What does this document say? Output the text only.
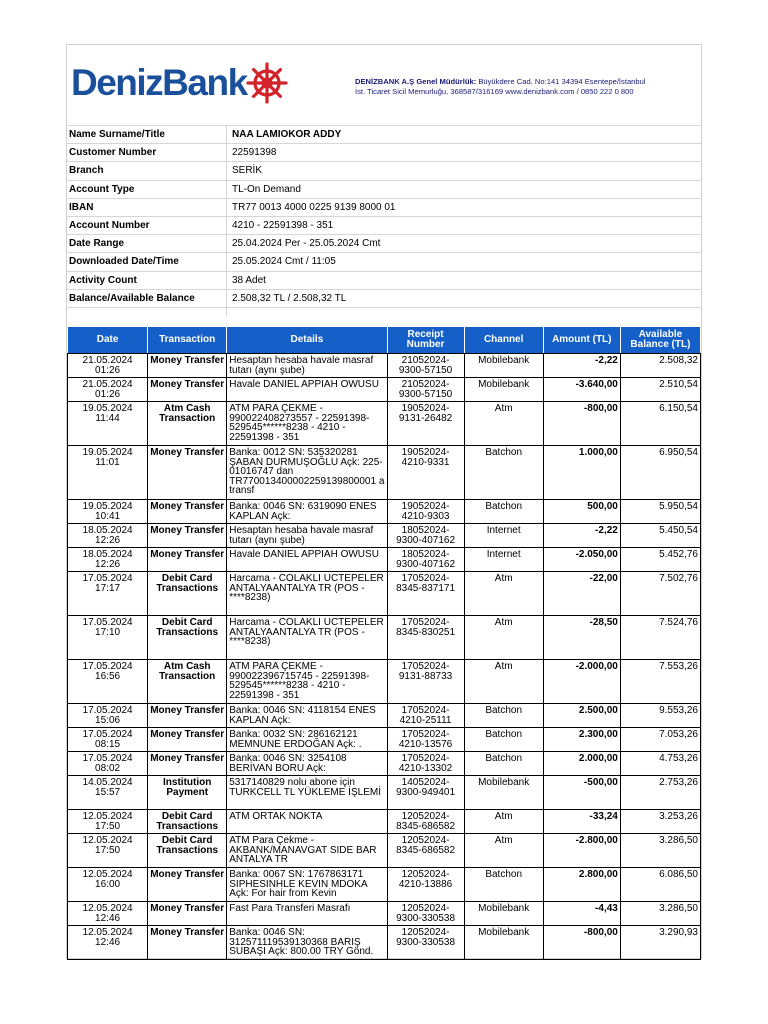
DenizBank	DENİZBANK A.Ş Genel Müdürlük: Büyükdere Cad. No:141 34394 Esentepe/İstanbul
İst. Ticaret Sicil Memurluğu, 368587/316169 www.denizbank.com / 0850 222 0 800
Name Surname/Title	NAA LAMIOKOR ADDY
Customer Number	22591398
Branch	SERİK
Account Type	TL-On Demand
IBAN	TR77 0013 4000 0225 9139 8000 01
Account Number	4210 - 22591398 - 351
Date Range	25.04.2024 Per - 25.05.2024 Cmt
Downloaded Date/Time	25.05.2024 Cmt / 11:05
Activity Count	38 Adet
Balance/Available Balance	2.508,32 TL / 2.508,32 TL

Date	Transaction	Details	Receipt Number	Channel	Amount (TL)	Available Balance (TL)
21.05.2024 01:26	Money Transfer	Hesaptan hesaba havale masraf tutarı (aynı şube)	21052024-9300-57150	Mobilebank	-2,22	2.508,32
21.05.2024 01:26	Money Transfer	Havale DANIEL APPIAH OWUSU	21052024-9300-57150	Mobilebank	-3.640,00	2.510,54
19.05.2024 11:44	Atm Cash Transaction	ATM PARA ÇEKME - 990022408273557 - 22591398-529545******8238 - 4210 - 22591398 - 351	19052024-9131-26482	Atm	-800,00	6.150,54
19.05.2024 11:01	Money Transfer	Banka: 0012 SN: 535320281 ŞABAN DURMUŞOĞLU Açk: 225-01016747 dan TR770013400002259139800001 a transf	19052024-4210-9331	Batchon	1.000,00	6.950,54
19.05.2024 10:41	Money Transfer	Banka: 0046 SN: 6319090 ENES KAPLAN Açk:	19052024-4210-9303	Batchon	500,00	5.950,54
18.05.2024 12:26	Money Transfer	Hesaptan hesaba havale masraf tutarı (aynı şube)	18052024-9300-407162	Internet	-2,22	5.450,54
18.05.2024 12:26	Money Transfer	Havale DANIEL APPIAH OWUSU	18052024-9300-407162	Internet	-2.050,00	5.452,76
17.05.2024 17:17	Debit Card Transactions	Harcama - COLAKLI UCTEPELER ANTALYAANTALYA TR (POS - ****8238)	17052024-8345-837171	Atm	-22,00	7.502,76
17.05.2024 17:10	Debit Card Transactions	Harcama - COLAKLI UCTEPELER ANTALYAANTALYA TR (POS - ****8238)	17052024-8345-830251	Atm	-28,50	7.524,76
17.05.2024 16:56	Atm Cash Transaction	ATM PARA ÇEKME - 990022396715745 - 22591398-529545******8238 - 4210 - 22591398 - 351	17052024-9131-88733	Atm	-2.000,00	7.553,26
17.05.2024 15:06	Money Transfer	Banka: 0046 SN: 4118154 ENES KAPLAN Açk:	17052024-4210-25111	Batchon	2.500,00	9.553,26
17.05.2024 08:15	Money Transfer	Banka: 0032 SN: 286162121 MEMNUNE ERDOĞAN Açk: .	17052024-4210-13576	Batchon	2.300,00	7.053,26
17.05.2024 08:02	Money Transfer	Banka: 0046 SN: 3254108 BERİVAN BORU Açk:	17052024-4210-13302	Batchon	2.000,00	4.753,26
14.05.2024 15:57	Institution Payment	5317140829 nolu abone için TURKCELL TL YÜKLEME İŞLEMİ	14052024-9300-949401	Mobilebank	-500,00	2.753,26
12.05.2024 17:50	Debit Card Transactions	ATM ORTAK NOKTA	12052024-8345-686582	Atm	-33,24	3.253,26
12.05.2024 17:50	Debit Card Transactions	ATM Para Çekme - AKBANK/MANAVGAT SIDE BAR ANTALYA TR	12052024-8345-686582	Atm	-2.800,00	3.286,50
12.05.2024 16:00	Money Transfer	Banka: 0067 SN: 1767863171 SIPHESINHLE KEVIN MDOKA Açk: For hair from Kevin	12052024-4210-13886	Batchon	2.800,00	6.086,50
12.05.2024 12:46	Money Transfer	Fast Para Transferi Masrafı	12052024-9300-330538	Mobilebank	-4,43	3.286,50
12.05.2024 12:46	Money Transfer	Banka: 0046 SN: 312571119539130368 BARIŞ SUBAŞI Açk: 800.00 TRY Gönd.	12052024-9300-330538	Mobilebank	-800,00	3.290,93
